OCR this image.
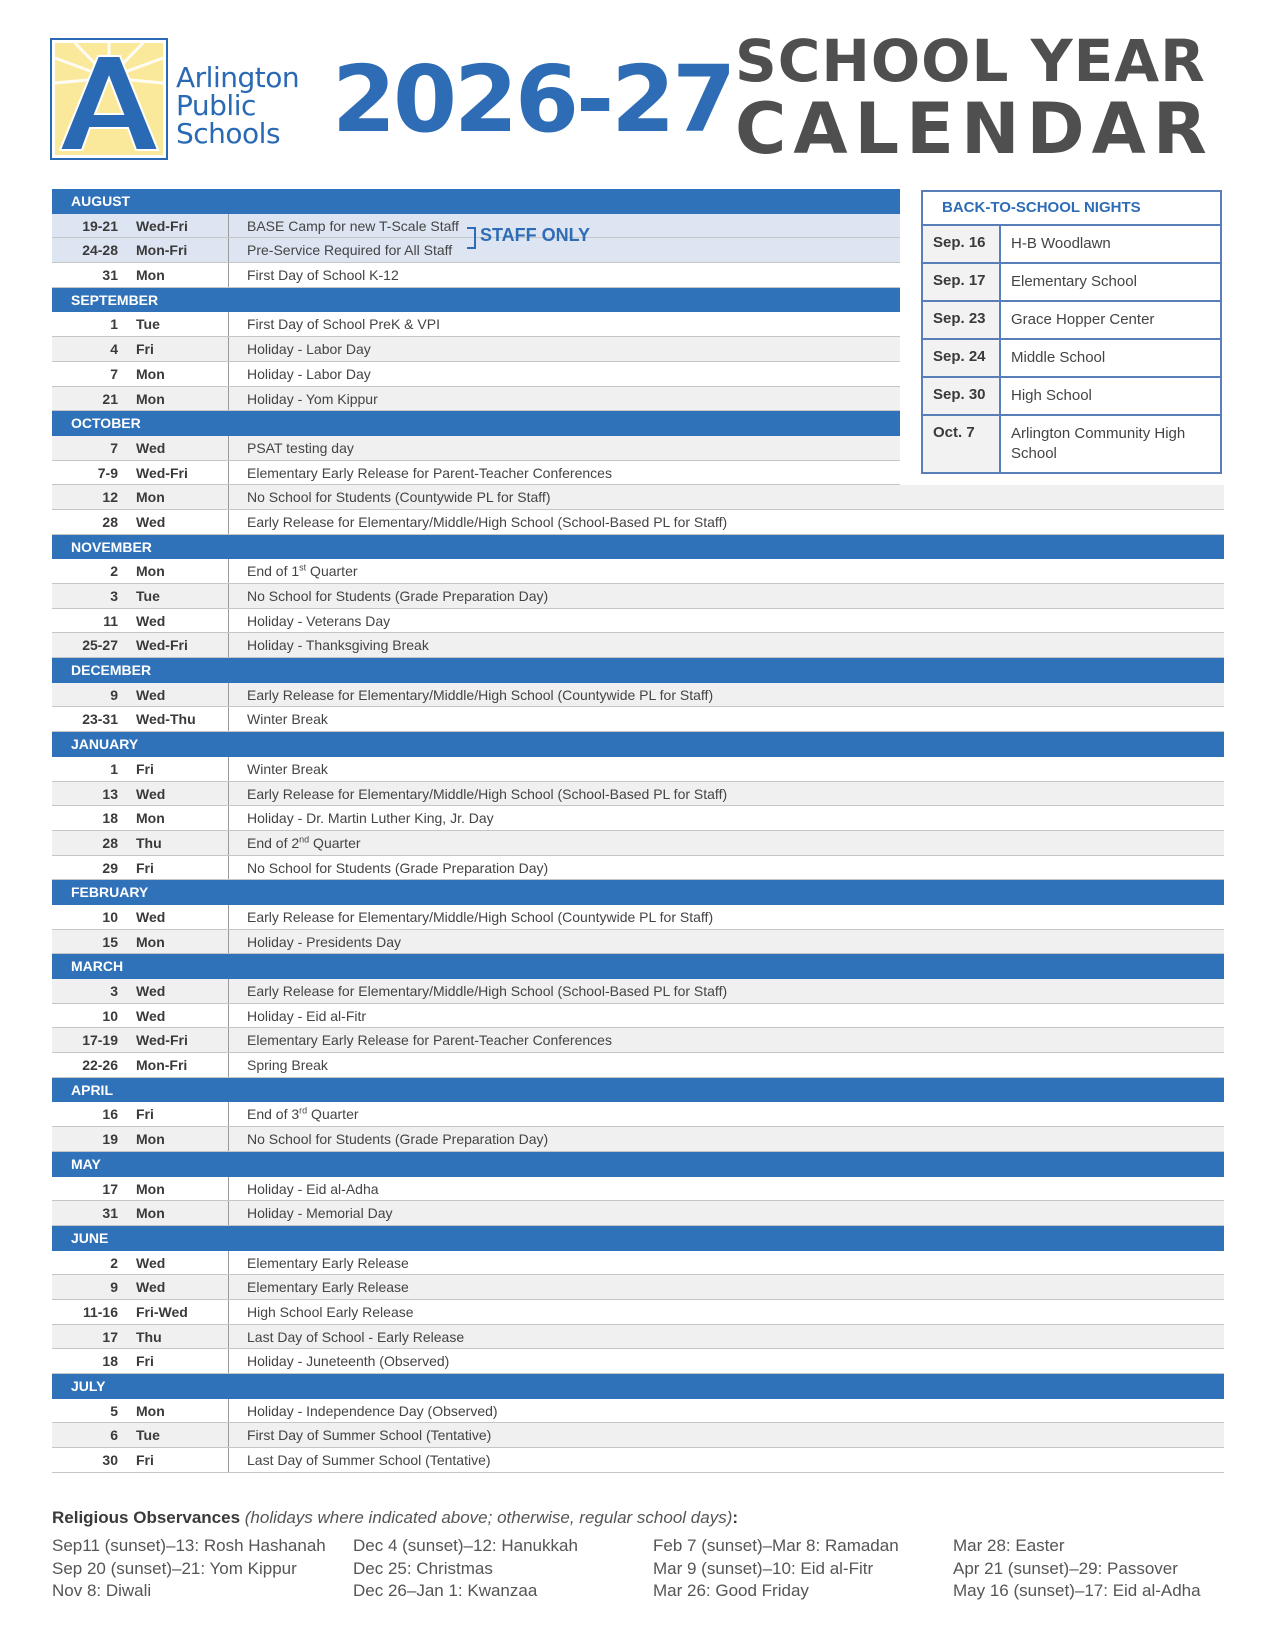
Arlington
Public
Schools 2026-27 SCHOOL YEAR
CALENDAR
AUGUST
19-21 Wed-Fri	BASE Camp for new T-Scale Staff
24-28 Mon-Fri	Pre-Service Required for All Staff
31 Mon	First Day of School K-12
SEPTEMBER
1 Tue	First Day of School PreK & VPI
4 Fri	Holiday - Labor Day
7 Mon	Holiday - Labor Day
21 Mon	Holiday - Yom Kippur
OCTOBER
7 Wed	PSAT testing day
7-9 Wed-Fri	Elementary Early Release for Parent-Teacher Conferences
12 Mon	No School for Students (Countywide PL for Staff)
28 Wed	Early Release for Elementary/Middle/High School (School-Based PL for Staff)
NOVEMBER
2 Mon	End of 1st Quarter
3 Tue	No School for Students (Grade Preparation Day)
11 Wed	Holiday - Veterans Day
25-27 Wed-Fri	Holiday - Thanksgiving Break
DECEMBER
9 Wed	Early Release for Elementary/Middle/High School (Countywide PL for Staff)
23-31 Wed-Thu	Winter Break
JANUARY
1 Fri	Winter Break
13 Wed	Early Release for Elementary/Middle/High School (School-Based PL for Staff)
18 Mon	Holiday - Dr. Martin Luther King, Jr. Day
28 Thu	End of 2nd Quarter
29 Fri	No School for Students (Grade Preparation Day)
FEBRUARY
10 Wed	Early Release for Elementary/Middle/High School (Countywide PL for Staff)
15 Mon	Holiday - Presidents Day
MARCH
3 Wed	Early Release for Elementary/Middle/High School (School-Based PL for Staff)
10 Wed	Holiday - Eid al-Fitr
17-19 Wed-Fri	Elementary Early Release for Parent-Teacher Conferences
22-26 Mon-Fri	Spring Break
APRIL
16 Fri	End of 3rd Quarter
19 Mon	No School for Students (Grade Preparation Day)
MAY
17 Mon	Holiday - Eid al-Adha
31 Mon	Holiday - Memorial Day
JUNE
2 Wed	Elementary Early Release
9 Wed	Elementary Early Release
11-16 Fri-Wed	High School Early Release
17 Thu	Last Day of School - Early Release
18 Fri	Holiday - Juneteenth (Observed)
JULY
5 Mon	Holiday - Independence Day (Observed)
6 Tue	First Day of Summer School (Tentative)
30 Fri	Last Day of Summer School (Tentative)
STAFF ONLY
BACK-TO-SCHOOL NIGHTS
Sep. 16	H-B Woodlawn
Sep. 17	Elementary School
Sep. 23	Grace Hopper Center
Sep. 24	Middle School
Sep. 30	High School
Oct. 7	Arlington Community High School
Religious Observances (holidays where indicated above; otherwise, regular school days):
Sep11 (sunset)–13: Rosh Hashanah
Sep 20 (sunset)–21: Yom Kippur
Nov 8: Diwali
Dec 4 (sunset)–12: Hanukkah
Dec 25: Christmas
Dec 26–Jan 1: Kwanzaa
Feb 7 (sunset)–Mar 8: Ramadan
Mar 9 (sunset)–10: Eid al-Fitr
Mar 26: Good Friday
Mar 28: Easter
Apr 21 (sunset)–29: Passover
May 16 (sunset)–17: Eid al-Adha
